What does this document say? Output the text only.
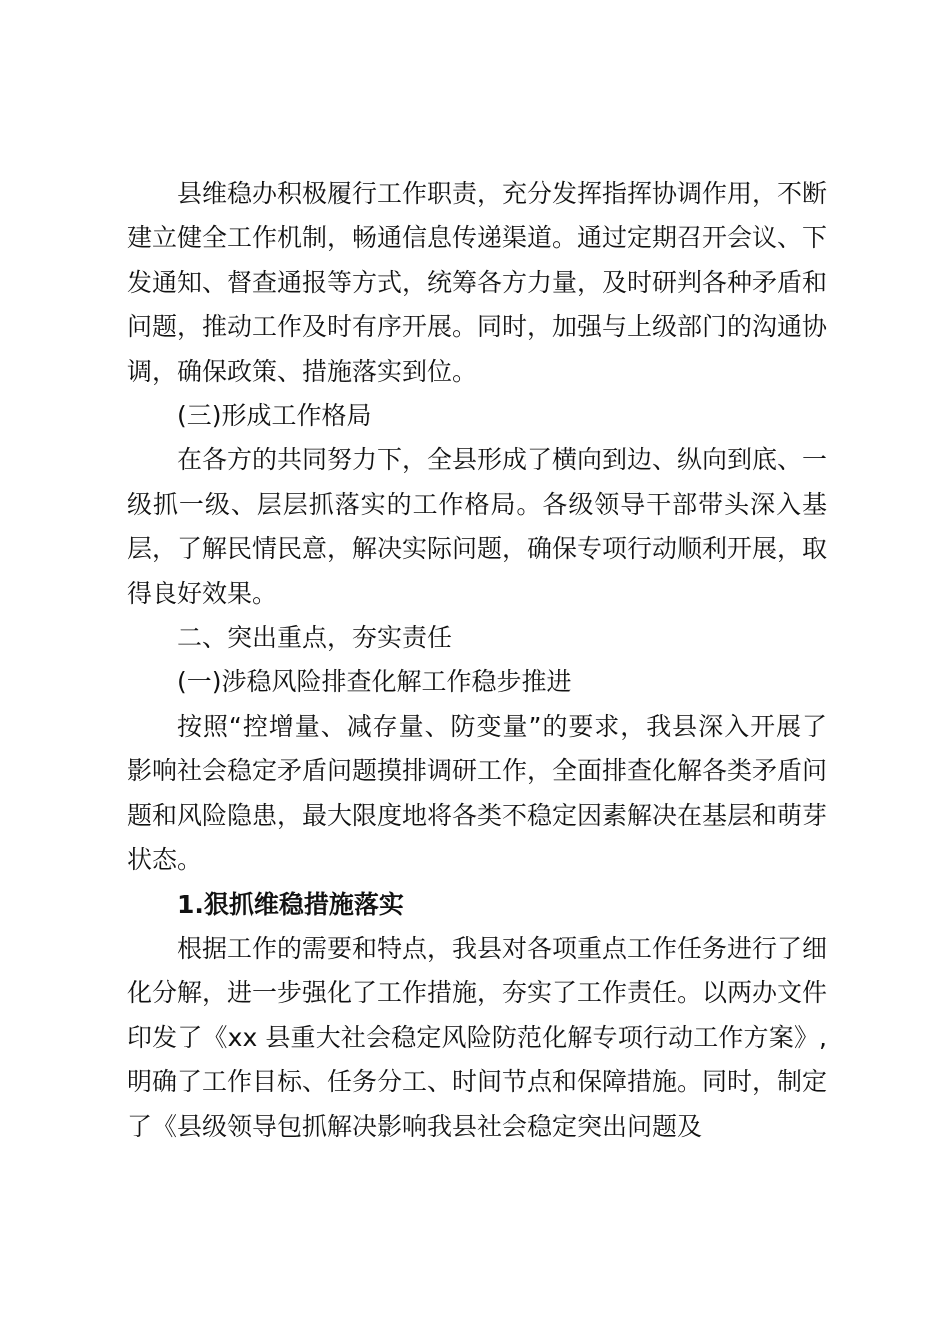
县维稳办积极履行工作职责，充分发挥指挥协调作用，不断建立健全工作机制，畅通信息传递渠道。通过定期召开会议、下发通知、督查通报等方式，统筹各方力量，及时研判各种矛盾和问题，推动工作及时有序开展。同时，加强与上级部门的沟通协调，确保政策、措施落实到位。

(三)形成工作格局

在各方的共同努力下，全县形成了横向到边、纵向到底、一级抓一级、层层抓落实的工作格局。各级领导干部带头深入基层，了解民情民意，解决实际问题，确保专项行动顺利开展，取得良好效果。

二、突出重点，夯实责任

(一)涉稳风险排查化解工作稳步推进

按照“控增量、减存量、防变量”的要求，我县深入开展了影响社会稳定矛盾问题摸排调研工作，全面排查化解各类矛盾问题和风险隐患，最大限度地将各类不稳定因素解决在基层和萌芽状态。

1.狠抓维稳措施落实

根据工作的需要和特点，我县对各项重点工作任务进行了细化分解，进一步强化了工作措施，夯实了工作责任。以两办文件印发了《xx 县重大社会稳定风险防范化解专项行动工作方案》,明确了工作目标、任务分工、时间节点和保障措施。同时，制定了《县级领导包抓解决影响我县社会稳定突出问题及
